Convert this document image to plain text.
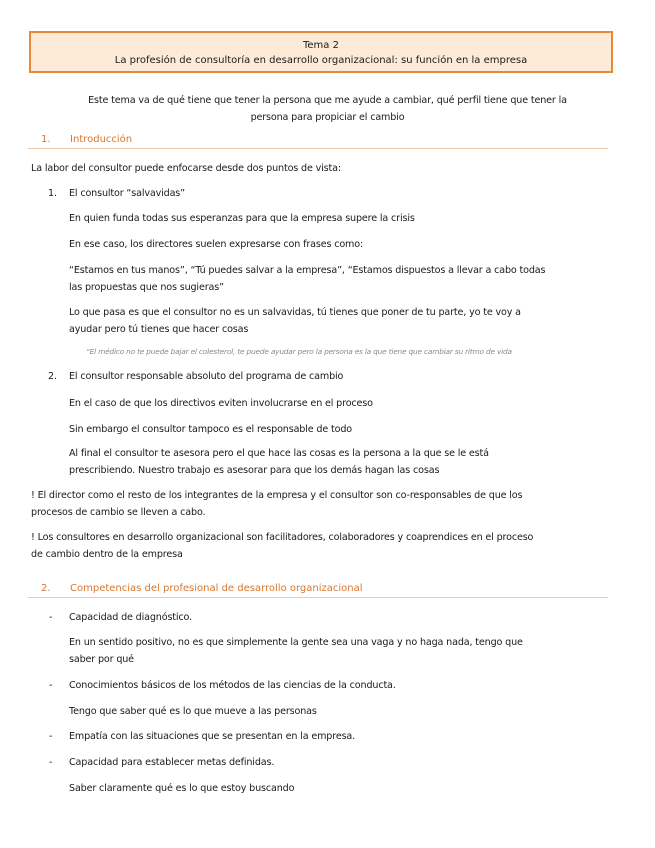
Tema 2
La profesión de consultoría en desarrollo organizacional: su función en la empresa
Este tema va de qué tiene que tener la persona que me ayude a cambiar, qué perfil tiene que tener la
persona para propiciar el cambio
1. Introducción
La labor del consultor puede enfocarse desde dos puntos de vista:
1. El consultor “salvavidas”
En quien funda todas sus esperanzas para que la empresa supere la crisis
En ese caso, los directores suelen expresarse con frases como:
“Estamos en tus manos”, “Tú puedes salvar a la empresa”, “Estamos dispuestos a llevar a cabo todas
las propuestas que nos sugieras”
Lo que pasa es que el consultor no es un salvavidas, tú tienes que poner de tu parte, yo te voy a
ayudar pero tú tienes que hacer cosas
“El médico no te puede bajar el colesterol, te puede ayudar pero la persona es la que tiene que cambiar su ritmo de vida
2. El consultor responsable absoluto del programa de cambio
En el caso de que los directivos eviten involucrarse en el proceso
Sin embargo el consultor tampoco es el responsable de todo
Al final el consultor te asesora pero el que hace las cosas es la persona a la que se le está
prescribiendo. Nuestro trabajo es asesorar para que los demás hagan las cosas
! El director como el resto de los integrantes de la empresa y el consultor son co-responsables de que los
procesos de cambio se lleven a cabo.
! Los consultores en desarrollo organizacional son facilitadores, colaboradores y coaprendices en el proceso
de cambio dentro de la empresa
2. Competencias del profesional de desarrollo organizacional
- Capacidad de diagnóstico.
En un sentido positivo, no es que simplemente la gente sea una vaga y no haga nada, tengo que
saber por qué
- Conocimientos básicos de los métodos de las ciencias de la conducta.
Tengo que saber qué es lo que mueve a las personas
- Empatía con las situaciones que se presentan en la empresa.
- Capacidad para establecer metas definidas.
Saber claramente qué es lo que estoy buscando
